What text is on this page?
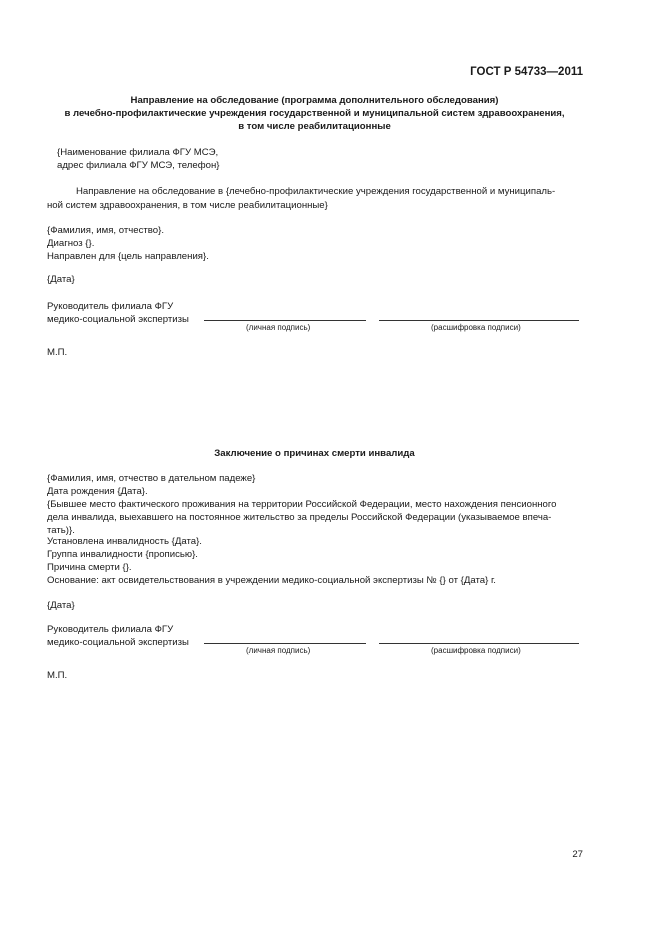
ГОСТ Р 54733—2011
Направление на обследование (программа дополнительного обследования)
в лечебно-профилактические учреждения государственной и муниципальной систем здравоохранения,
в том числе реабилитационные
{Наименование филиала ФГУ МСЭ,
адрес филиала ФГУ МСЭ, телефон}
Направление на обследование в {лечебно-профилактические учреждения государственной и муниципаль-
ной систем здравоохранения, в том числе реабилитационные}
{Фамилия, имя, отчество}.
Диагноз {}.
Направлен для {цель направления}.
{Дата}
Руководитель филиала ФГУ
медико-социальной экспертизы
(личная подпись)	(расшифровка подписи)
М.П.
Заключение о причинах смерти инвалида
{Фамилия, имя, отчество в дательном падеже}
Дата рождения {Дата}.
{Бывшее место фактического проживания на территории Российской Федерации, место нахождения пенсионного
дела инвалида, выехавшего на постоянное жительство за пределы Российской Федерации (указываемое впеча-
тать)}.
Установлена инвалидность {Дата}.
Группа инвалидности {прописью}.
Причина смерти {}.
Основание: акт освидетельствования в учреждении медико-социальной экспертизы № {} от {Дата} г.
{Дата}
Руководитель филиала ФГУ
медико-социальной экспертизы
(личная подпись)	(расшифровка подписи)
М.П.
27
